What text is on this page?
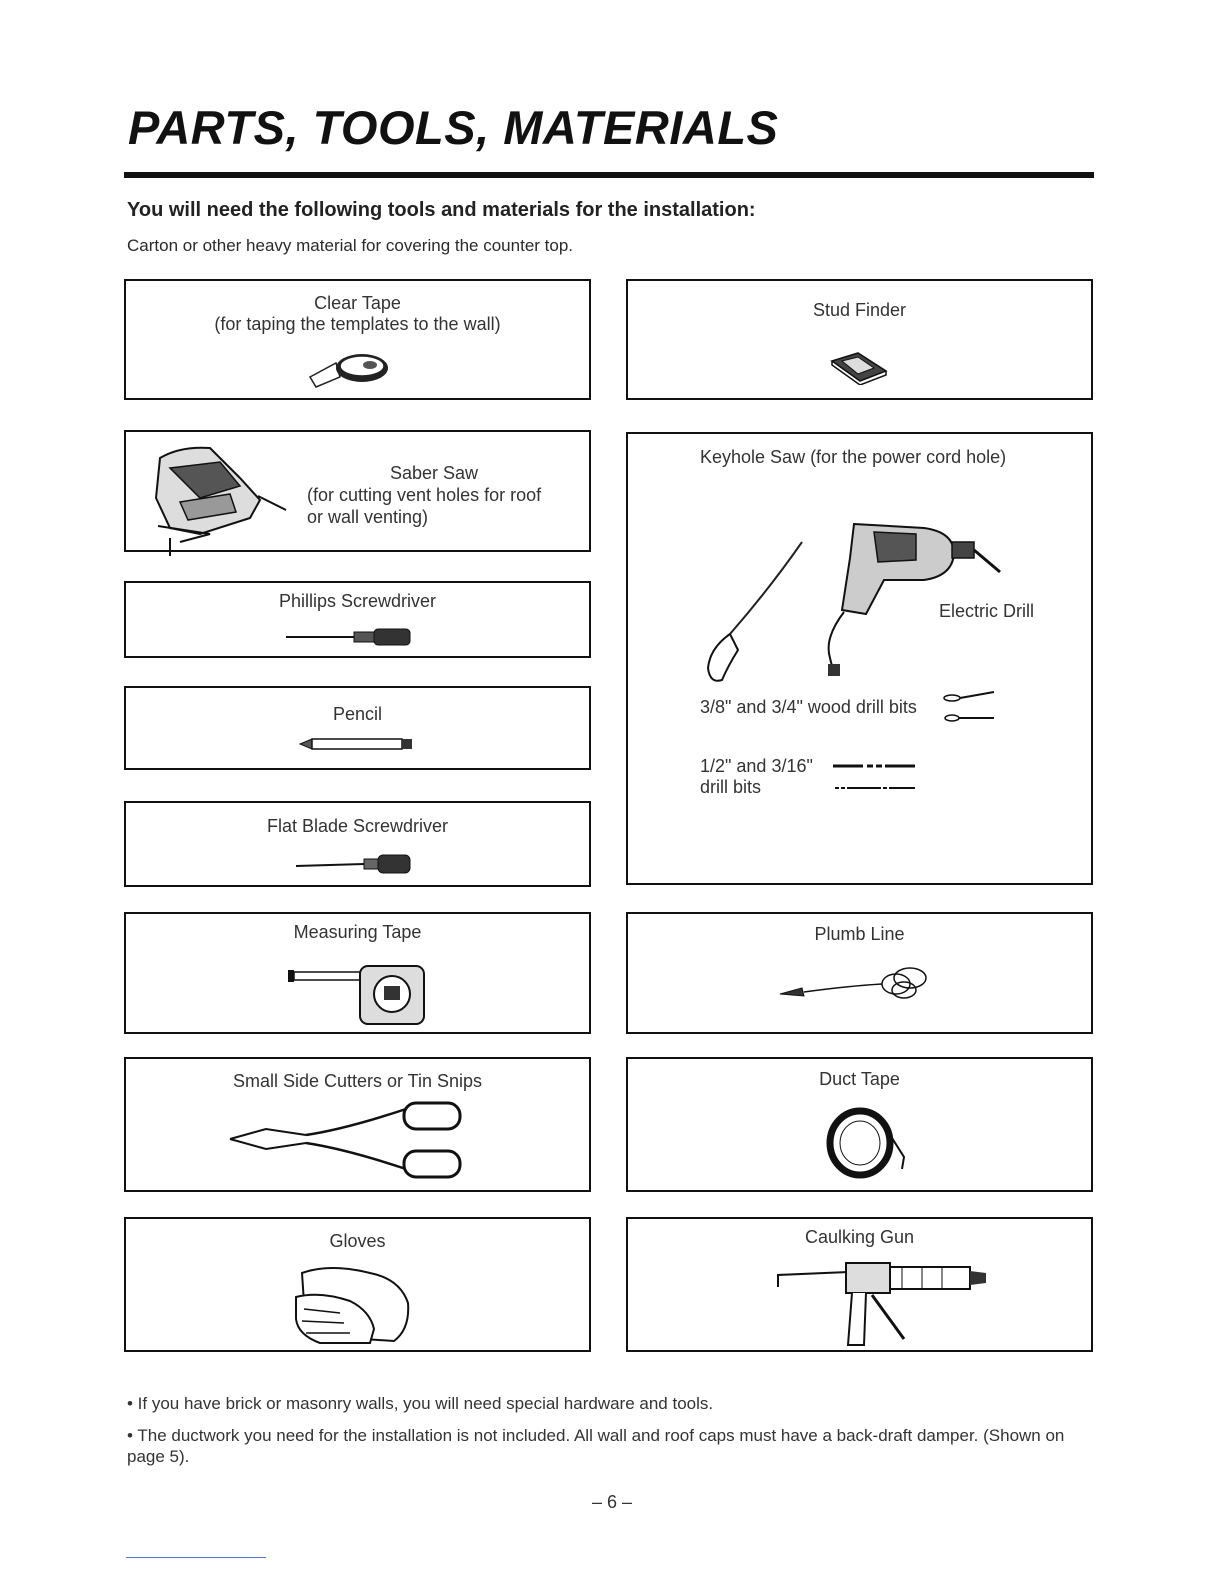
PARTS, TOOLS, MATERIALS
You will need the following tools and materials for the installation:
Carton or other heavy material for covering the counter top.
Clear Tape
(for taping the templates to the wall)
Stud Finder
Saber Saw
(for cutting vent holes for roof
or wall venting)
Keyhole Saw (for the power cord hole)
Electric Drill
3/8" and 3/4" wood drill bits
1/2" and 3/16"
drill bits
Phillips Screwdriver
Pencil
Flat Blade Screwdriver
Measuring Tape	Plumb Line
Small Side Cutters or Tin Snips	Duct Tape
Gloves	Caulking Gun
• If you have brick or masonry walls, you will need special hardware and tools.
• The ductwork you need for the installation is not included. All wall and roof caps must have a back-draft damper. (Shown on page 5).
– 6 –
